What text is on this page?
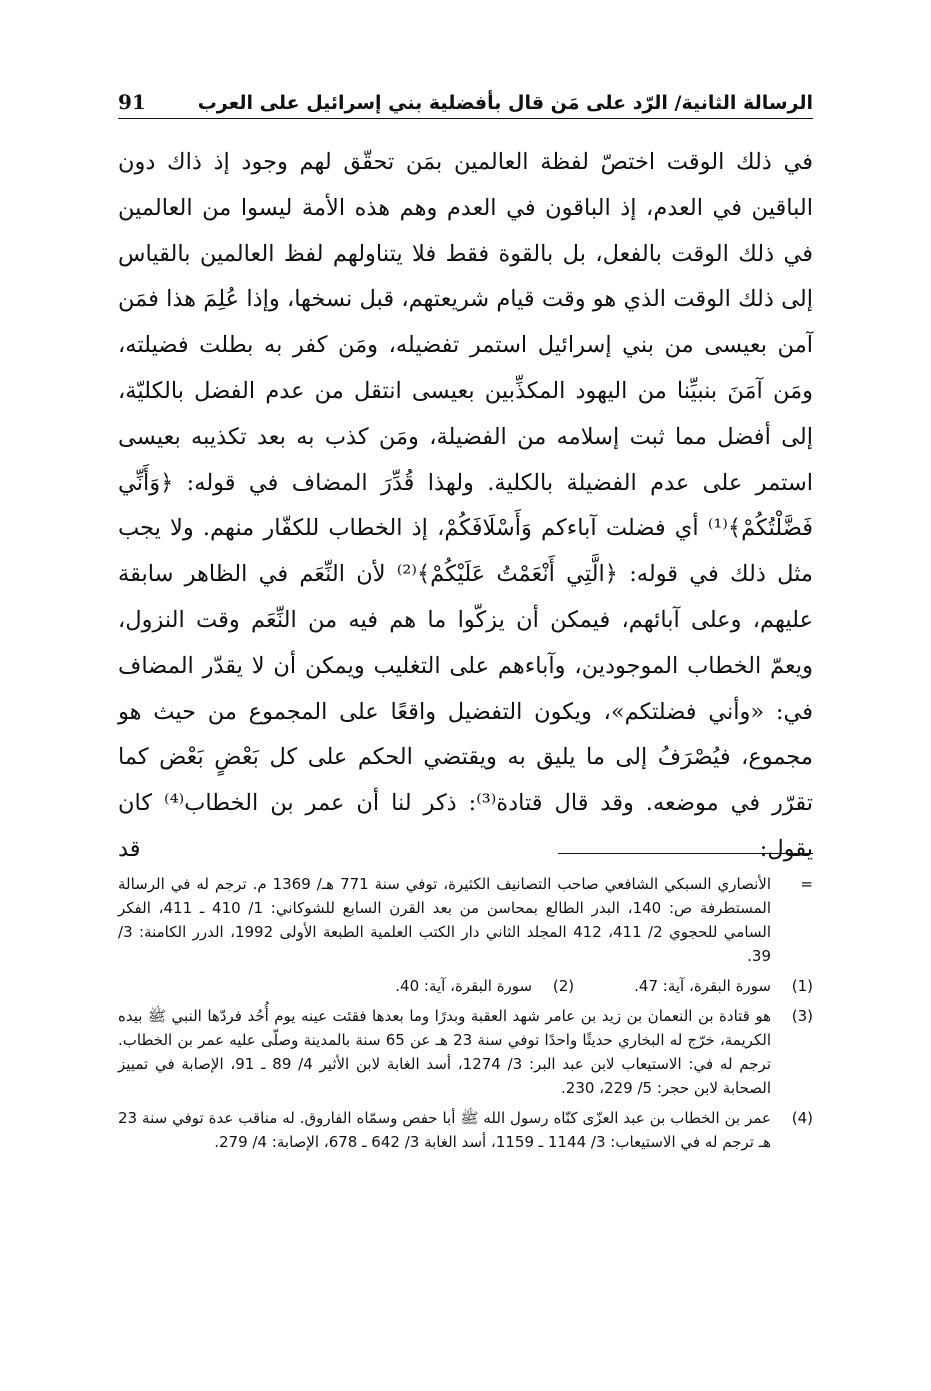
الرسالة الثانية/ الرّد على مَن قال بأفضلية بني إسرائيل على العرب
91

في ذلك الوقت اختصّ لفظة العالمين بمَن تحقّق لهم وجود إذ ذاك دون الباقين في العدم، إذ الباقون في العدم وهم هذه الأمة ليسوا من العالمين في ذلك الوقت بالفعل، بل بالقوة فقط فلا يتناولهم لفظ العالمين بالقياس إلى ذلك الوقت الذي هو وقت قيام شريعتهم، قبل نسخها، وإذا عُلِمَ هذا فمَن آمن بعيسى من بني إسرائيل استمر تفضيله، ومَن كفر به بطلت فضيلته، ومَن آمَنَ بنبيِّنا من اليهود المكذِّبين بعيسى انتقل من عدم الفضل بالكليّة، إلى أفضل مما ثبت إسلامه من الفضيلة، ومَن كذب به بعد تكذيبه بعيسى استمر على عدم الفضيلة بالكلية. ولهذا قُدِّرَ المضاف في قوله: ﴿وَأَنِّي فَضَّلْتُكُمْ﴾⁽¹⁾ أي فضلت آباءكم وَأَسْلَافَكُمْ، إذ الخطاب للكفّار منهم. ولا يجب مثل ذلك في قوله: ﴿الَّتِي أَنْعَمْتُ عَلَيْكُمْ﴾⁽²⁾ لأن النِّعَم في الظاهر سابقة عليهم، وعلى آبائهم، فيمكن أن يزكّوا ما هم فيه من النِّعَم وقت النزول، ويعمّ الخطاب الموجودين، وآباءهم على التغليب ويمكن أن لا يقدّر المضاف في: «وأني فضلتكم»، ويكون التفضيل واقعًا على المجموع من حيث هو مجموع، فيُصْرَفُ إلى ما يليق به ويقتضي الحكم على كل بَعْضٍ بَعْض كما تقرّر في موضعه. وقد قال قتادة⁽³⁾: ذكر لنا أن عمر بن الخطاب⁽⁴⁾ كان يقول: قد

=
الأنصاري السبكي الشافعي صاحب التصانيف الكثيرة، توفي سنة 771 هـ/ 1369 م. ترجم له في الرسالة المستطرفة ص: 140، البدر الطالع بمحاسن من بعد القرن السابع للشوكاني: 1/ 410 ـ 411، الفكر السامي للحجوي 2/ 411، 412 المجلد الثاني دار الكتب العلمية الطبعة الأولى 1992، الدرر الكامنة: 3/ 39.
(1)
سورة البقرة، آية: 47.
(2)
سورة البقرة، آية: 40.
(3)
هو قتادة بن النعمان بن زيد بن عامر شهد العقبة وبدرًا وما بعدها فقئت عينه يوم أُحُد فردّها النبي ﷺ بيده الكريمة، خرّج له البخاري حديثًا واحدًا توفي سنة 23 هـ عن 65 سنة بالمدينة وصلّى عليه عمر بن الخطاب. ترجم له في: الاستيعاب لابن عبد البر: 3/ 1274، أسد الغابة لابن الأثير 4/ 89 ـ 91، الإصابة في تمييز الصحابة لابن حجر: 5/ 229، 230.
(4)
عمر بن الخطاب بن عبد العزّى كنّاه رسول الله ﷺ أبا حفص وسمّاه الفاروق. له مناقب عدة توفي سنة 23 هـ ترجم له في الاستيعاب: 3/ 1144 ـ 1159، أسد الغابة 3/ 642 ـ 678، الإصابة: 4/ 279.
